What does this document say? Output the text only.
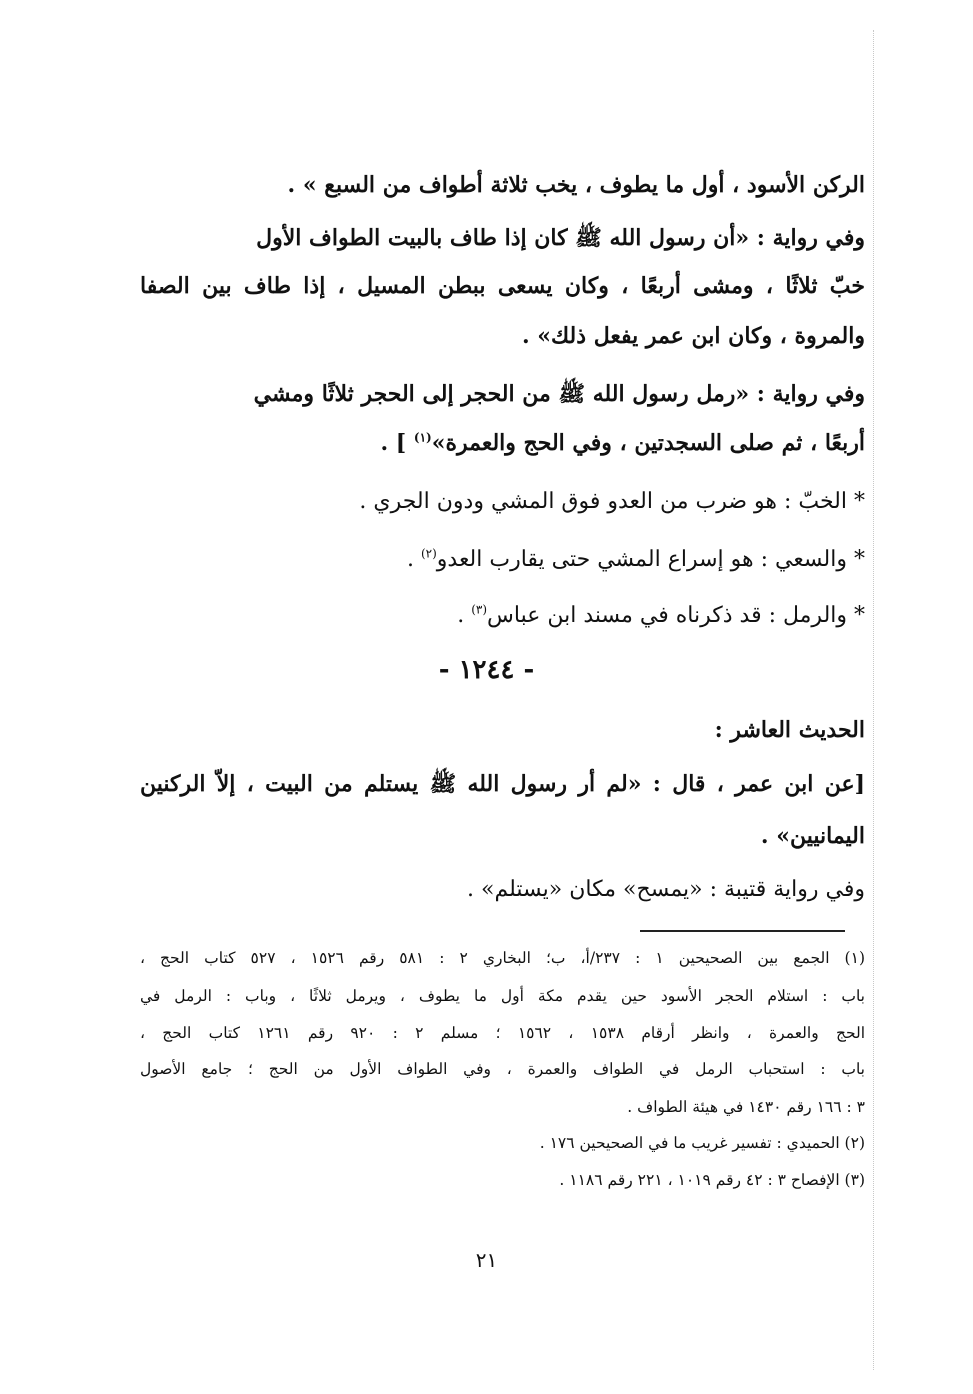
الركن الأسود ، أول ما يطوف ، يخب ثلاثة أطواف من السبع » .
وفي رواية : «أن رسول الله ﷺ كان إذا طاف بالبيت الطواف الأول
خبّ ثلاثًا ، ومشى أربعًا ، وكان يسعى ببطن المسيل ، إذا طاف بين الصفا
والمروة ، وكان ابن عمر يفعل ذلك» .
وفي رواية : «رمل رسول الله ﷺ من الحجر إلى الحجر ثلاثًا ومشي
أربعًا ، ثم صلى السجدتين ، وفي الحج والعمرة»$^{(١)}$ ] .
* الخبّ : هو ضرب من العدو فوق المشي ودون الجري .
* والسعي : هو إسراع المشي حتى يقارب العدو$^{(٢)}$ .
* والرمل : قد ذكرناه في مسند ابن عباس$^{(٣)}$ .
الحديث العاشر :
[عن ابن عمر ، قال : «لم أر رسول الله ﷺ يستلم من البيت ، إلاّ الركنين
اليمانيين» .
وفي رواية قتيبة : «يمسح» مكان «يستلم» .
- ١٢٤٤ -
(١) الجمع بين الصحيحين ١ : ٢٣٧/أ، ب؛ البخاري ٢ : ٥٨١ رقم ١٥٢٦ ، ٥٢٧ كتاب الحج ،
باب : استلام الحجر الأسود حين يقدم مكة أول ما يطوف ، ويرمل ثلاثًا ، وباب : الرمل في
الحج والعمرة ، وانظر أرقام ١٥٣٨ ، ١٥٦٢ ؛ مسلم ٢ : ٩٢٠ رقم ١٢٦١ كتاب الحج ،
باب : استحباب الرمل في الطواف والعمرة ، وفي الطواف الأول من الحج ؛ جامع الأصول
٣ : ١٦٦ رقم ١٤٣٠ في هيئة الطواف .
(٢) الحميدي : تفسير غريب ما في الصحيحين ١٧٦ .
(٣) الإفصاح ٣ : ٤٢ رقم ١٠١٩ ، ٢٢١ رقم ١١٨٦ .
٢١
